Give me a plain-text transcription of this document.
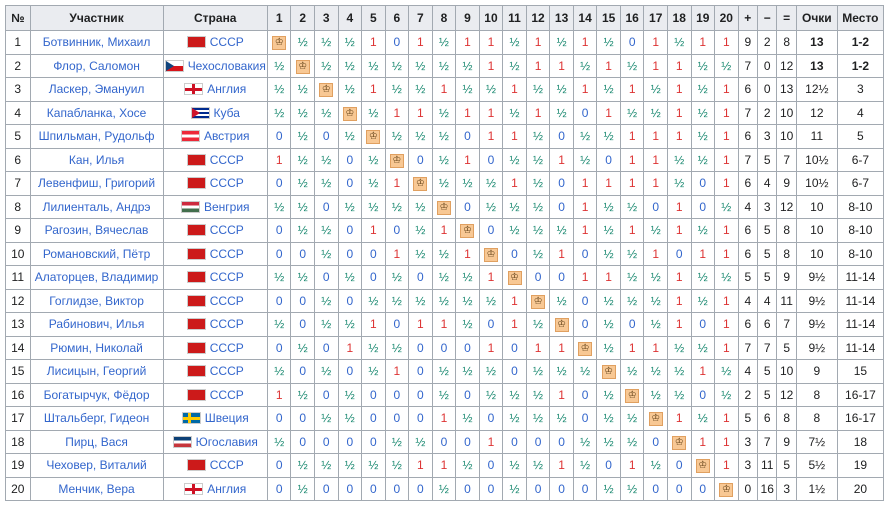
№	Участник	Страна	1	2	3	4	5	6	7	8	9	10	11	12	13	14	15	16	17	18	19	20	+	−	=	Очки	Место
1	Ботвинник, Михаил	СССР	♔	½	½	½	1	0	1	½	1	1	½	1	½	1	½	0	1	½	1	1	9	2	8	13	1-2
2	Флор, Саломон	Чехословакия	½	♔	½	½	½	½	½	½	½	1	½	1	1	½	1	½	1	1	½	½	7	0	12	13	1-2
3	Ласкер, Эмануил	Англия	½	½	♔	½	1	½	½	1	½	½	1	½	½	1	½	1	½	1	½	1	6	0	13	12½	3
4	Капабланка, Хосе	Куба	½	½	½	♔	½	1	1	½	1	1	½	1	½	0	1	½	½	1	½	1	7	2	10	12	4
5	Шпильман, Рудольф	Австрия	0	½	0	½	♔	½	½	½	0	1	1	½	0	½	½	1	1	1	½	1	6	3	10	11	5
6	Кан, Илья	СССР	1	½	½	0	½	♔	0	½	1	0	½	½	1	½	0	1	1	½	½	1	7	5	7	10½	6-7
7	Левенфиш, Григорий	СССР	0	½	½	0	½	1	♔	½	½	½	1	½	0	1	1	1	1	½	0	1	6	4	9	10½	6-7
8	Лилиенталь, Андрэ	Венгрия	½	½	0	½	½	½	½	♔	0	½	½	½	0	1	½	½	0	1	0	½	4	3	12	10	8-10
9	Рагозин, Вячеслав	СССР	0	½	½	0	1	0	½	1	♔	0	½	½	½	1	½	1	½	1	½	1	6	5	8	10	8-10
10	Романовский, Пётр	СССР	0	0	½	0	0	1	½	½	1	♔	0	½	1	0	½	½	1	0	1	1	6	5	8	10	8-10
11	Алаторцев, Владимир	СССР	½	½	0	½	0	½	0	½	½	1	♔	0	0	1	1	½	½	1	½	½	5	5	9	9½	11-14
12	Гоглидзе, Виктор	СССР	0	0	½	0	½	½	½	½	½	½	1	♔	½	0	½	½	½	1	½	1	4	4	11	9½	11-14
13	Рабинович, Илья	СССР	½	0	½	½	1	0	1	1	½	0	1	½	♔	0	½	0	½	1	0	1	6	6	7	9½	11-14
14	Рюмин, Николай	СССР	0	½	0	1	½	½	0	0	0	1	0	1	1	♔	½	1	1	½	½	1	7	7	5	9½	11-14
15	Лисицын, Георгий	СССР	½	0	½	0	½	1	0	½	½	½	0	½	½	½	♔	½	½	½	1	½	4	5	10	9	15
16	Богатырчук, Фёдор	СССР	1	½	0	½	0	0	0	½	0	½	½	½	1	0	½	♔	½	½	0	½	2	5	12	8	16-17
17	Штальберг, Гидеон	Швеция	0	0	½	½	0	0	0	1	½	0	½	½	½	0	½	½	♔	1	½	1	5	6	8	8	16-17
18	Пирц, Вася	Югославия	½	0	0	0	0	½	½	0	0	1	0	0	0	½	½	½	0	♔	1	1	3	7	9	7½	18
19	Чеховер, Виталий	СССР	0	½	½	½	½	½	1	1	½	0	½	½	1	½	0	1	½	0	♔	1	3	11	5	5½	19
20	Менчик, Вера	Англия	0	½	0	0	0	0	0	½	0	0	½	0	0	0	½	½	0	0	0	♔	0	16	3	1½	20
